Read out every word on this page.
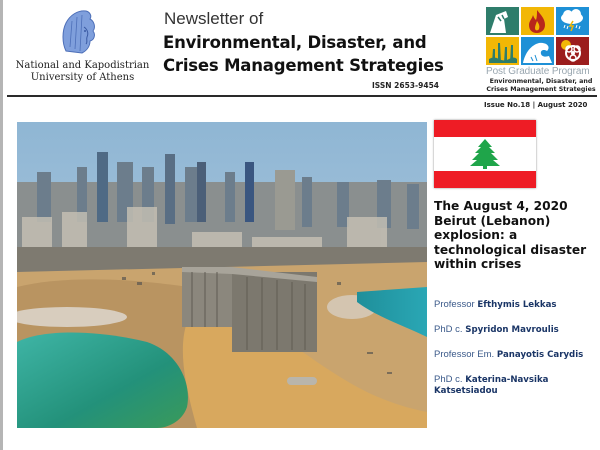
National and Kapodistrian
University of Athens
Newsletter of
Environmental, Disaster, and
Crises Management Strategies
ISSN 2653-9454
Post Graduate Program
Environmental, Disaster, and
Crises Management Strategies
Issue No.18 | August 2020
The August 4, 2020
Beirut (Lebanon)
explosion: a
technological disaster
within crises
Professor Efthymis Lekkas
PhD c. Spyridon Mavroulis
Professor Em. Panayotis Carydis
PhD c. Katerina-Navsika
Katsetsiadou
